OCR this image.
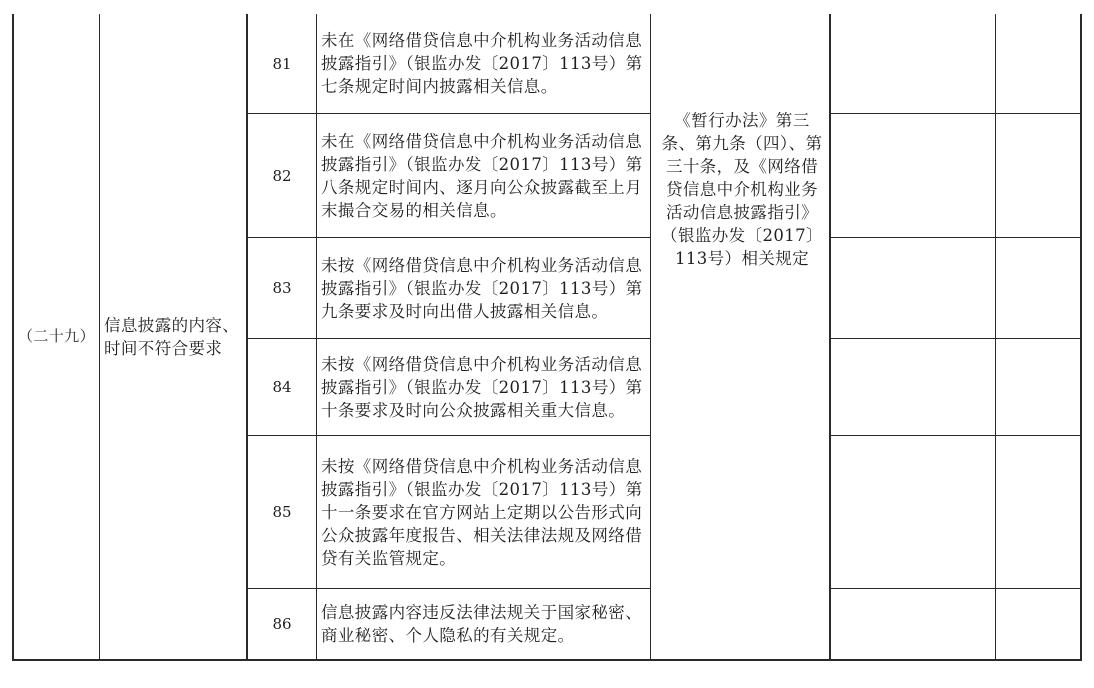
（二十九）
信息披露的内容、时间不符合要求
《暂行办法》第三条、第九条（四）、第三十条，及《网络借贷信息中介机构业务活动信息披露指引》（银监办发〔2017〕113号）相关规定
81
未在《网络借贷信息中介机构业务活动信息披露指引》（银监办发〔2017〕113号）第七条规定时间内披露相关信息。
82
未在《网络借贷信息中介机构业务活动信息披露指引》（银监办发〔2017〕113号）第八条规定时间内、逐月向公众披露截至上月末撮合交易的相关信息。
83
未按《网络借贷信息中介机构业务活动信息披露指引》（银监办发〔2017〕113号）第九条要求及时向出借人披露相关信息。
84
未按《网络借贷信息中介机构业务活动信息披露指引》（银监办发〔2017〕113号）第十条要求及时向公众披露相关重大信息。
85
未按《网络借贷信息中介机构业务活动信息披露指引》（银监办发〔2017〕113号）第十一条要求在官方网站上定期以公告形式向公众披露年度报告、相关法律法规及网络借贷有关监管规定。
86
信息披露内容违反法律法规关于国家秘密、商业秘密、个人隐私的有关规定。
